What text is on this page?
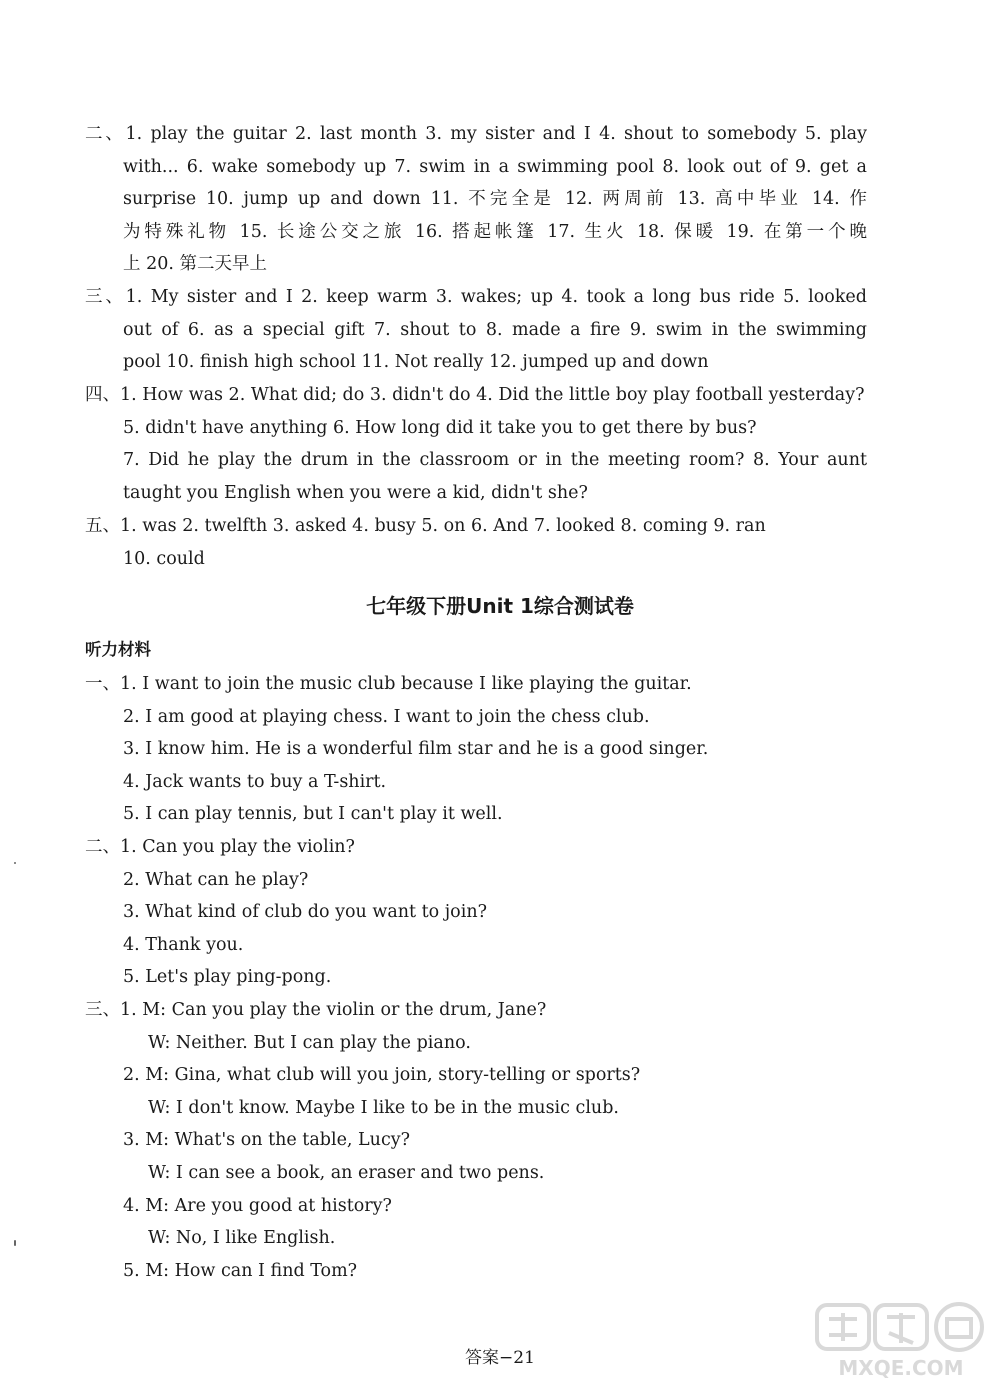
二、1. play the guitar 2. last month 3. my sister and I 4. shout to somebody 5. play
with... 6. wake somebody up 7. swim in a swimming pool 8. look out of 9. get a
surprise 10. jump up and down 11. 不完全是 12. 两周前 13. 高中毕业 14. 作
为特殊礼物 15. 长途公交之旅 16. 搭起帐篷 17. 生火 18. 保暖 19. 在第一个晚
上 20. 第二天早上
三、1. My sister and I 2. keep warm 3. wakes; up 4. took a long bus ride 5. looked
out of 6. as a special gift 7. shout to 8. made a fire 9. swim in the swimming
pool 10. finish high school 11. Not really 12. jumped up and down
四、1. How was 2. What did; do 3. didn't do 4. Did the little boy play football yesterday?
5. didn't have anything 6. How long did it take you to get there by bus?
7. Did he play the drum in the classroom or in the meeting room? 8. Your aunt
taught you English when you were a kid, didn't she?
五、1. was 2. twelfth 3. asked 4. busy 5. on 6. And 7. looked 8. coming 9. ran
10. could
七年级下册Unit 1综合测试卷
听力材料
一、1. I want to join the music club because I like playing the guitar.
2. I am good at playing chess. I want to join the chess club.
3. I know him. He is a wonderful film star and he is a good singer.
4. Jack wants to buy a T-shirt.
5. I can play tennis, but I can't play it well.
二、1. Can you play the violin?
2. What can he play?
3. What kind of club do you want to join?
4. Thank you.
5. Let's play ping-pong.
三、1. M: Can you play the violin or the drum, Jane?
W: Neither. But I can play the piano.
2. M: Gina, what club will you join, story-telling or sports?
W: I don't know. Maybe I like to be in the music club.
3. M: What's on the table, Lucy?
W: I can see a book, an eraser and two pens.
4. M: Are you good at history?
W: No, I like English.
5. M: How can I find Tom?
答案−21	MXQE.COM
